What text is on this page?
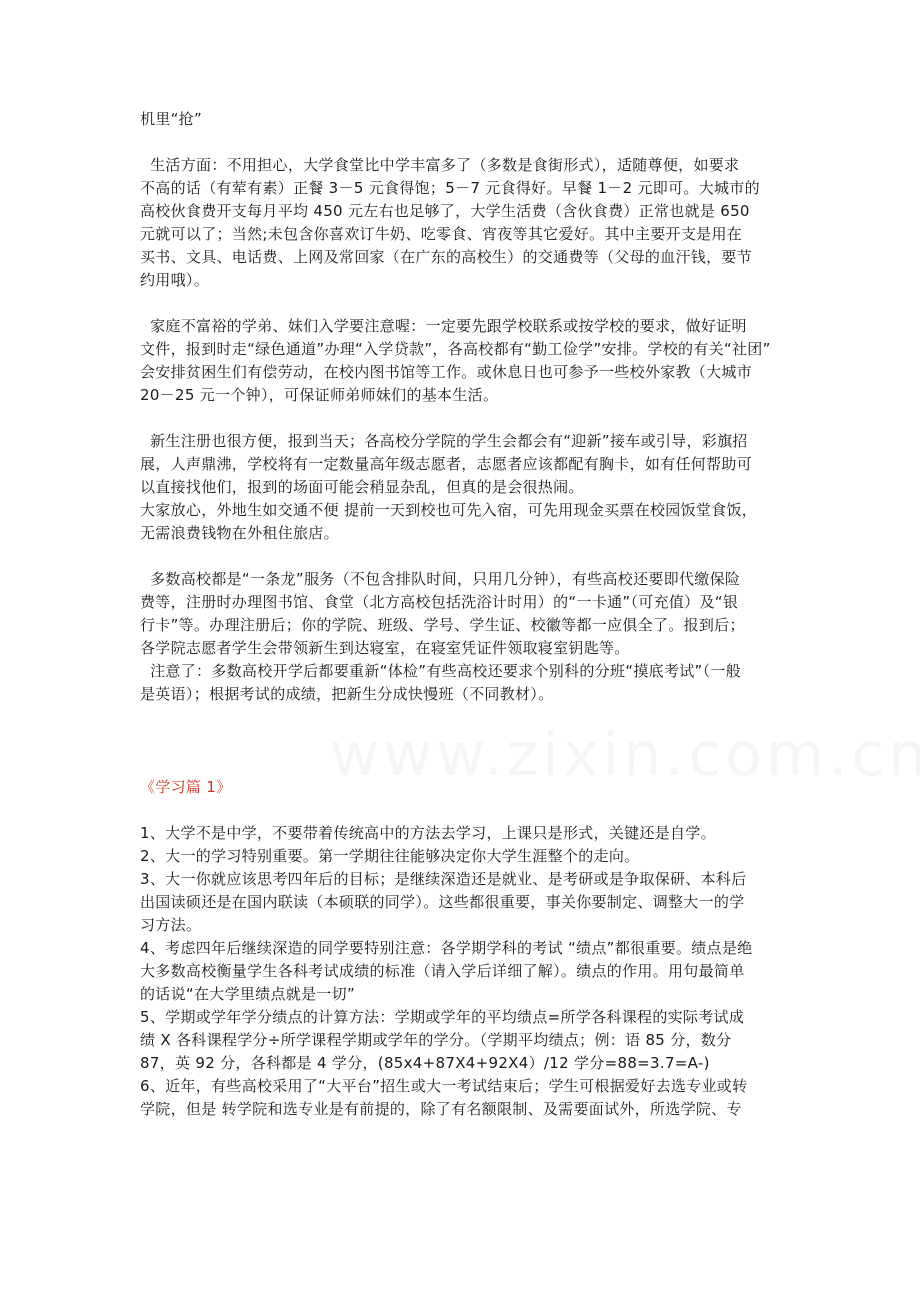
机里“抢”
生活方面：不用担心，大学食堂比中学丰富多了（多数是食街形式），适随尊便，如要求
不高的话（有荤有素）正餐 3－5 元食得饱；5－7 元食得好。早餐 1－2 元即可。大城市的
高校伙食费开支每月平均 450 元左右也足够了，大学生活费（含伙食费）正常也就是 650
元就可以了；当然;未包含你喜欢订牛奶、吃零食、宵夜等其它爱好。其中主要开支是用在
买书、文具、电话费、上网及常回家（在广东的高校生）的交通费等（父母的血汗钱，要节
约用哦）。
家庭不富裕的学弟、妹们入学要注意喔：一定要先跟学校联系或按学校的要求，做好证明
文件，报到时走“绿色通道”办理“入学贷款”，各高校都有“勤工俭学”安排。学校的有关“社团”
会安排贫困生们有偿劳动，在校内图书馆等工作。或休息日也可参予一些校外家教（大城市
20－25 元一个钟），可保证师弟师妹们的基本生活。
新生注册也很方便，报到当天；各高校分学院的学生会都会有“迎新”接车或引导，彩旗招
展，人声鼎沸，学校将有一定数量高年级志愿者，志愿者应该都配有胸卡，如有任何帮助可
以直接找他们，报到的场面可能会稍显杂乱，但真的是会很热闹。
大家放心，外地生如交通不便 提前一天到校也可先入宿，可先用现金买票在校园饭堂食饭，
无需浪费钱物在外租住旅店。
多数高校都是“一条龙”服务（不包含排队时间，只用几分钟），有些高校还要即代缴保险
费等，注册时办理图书馆、食堂（北方高校包括洗浴计时用）的“一卡通”（可充值）及“银
行卡”等。办理注册后；你的学院、班级、学号、学生证、校徽等都一应俱全了。报到后；
各学院志愿者学生会带领新生到达寝室，在寝室凭证件领取寝室钥匙等。
注意了：多数高校开学后都要重新“体检”有些高校还要求个别科的分班“摸底考试”（一般
是英语）；根据考试的成绩，把新生分成快慢班（不同教材）。
《学习篇 1》
1、大学不是中学，不要带着传统高中的方法去学习，上课只是形式，关键还是自学。
2、大一的学习特别重要。第一学期往往能够决定你大学生涯整个的走向。
3、大一你就应该思考四年后的目标；是继续深造还是就业、是考研或是争取保研、本科后
出国读硕还是在国内联读（本硕联的同学）。这些都很重要，事关你要制定、调整大一的学
习方法。
4、考虑四年后继续深造的同学要特别注意：各学期学科的考试 “绩点”都很重要。绩点是绝
大多数高校衡量学生各科考试成绩的标准（请入学后详细了解）。绩点的作用。用句最简单
的话说“在大学里绩点就是一切”
5、学期或学年学分绩点的计算方法：学期或学年的平均绩点=所学各科课程的实际考试成
绩 X 各科课程学分÷所学课程学期或学年的学分。（学期平均绩点；例：语 85 分，数分
87，英 92 分，各科都是 4 学分，(85x4+87X4+92X4）/12 学分=88=3.7=A-)
6、近年，有些高校采用了“大平台”招生或大一考试结束后；学生可根据爱好去选专业或转
学院，但是 转学院和选专业是有前提的，除了有名额限制、及需要面试外，所选学院、专
